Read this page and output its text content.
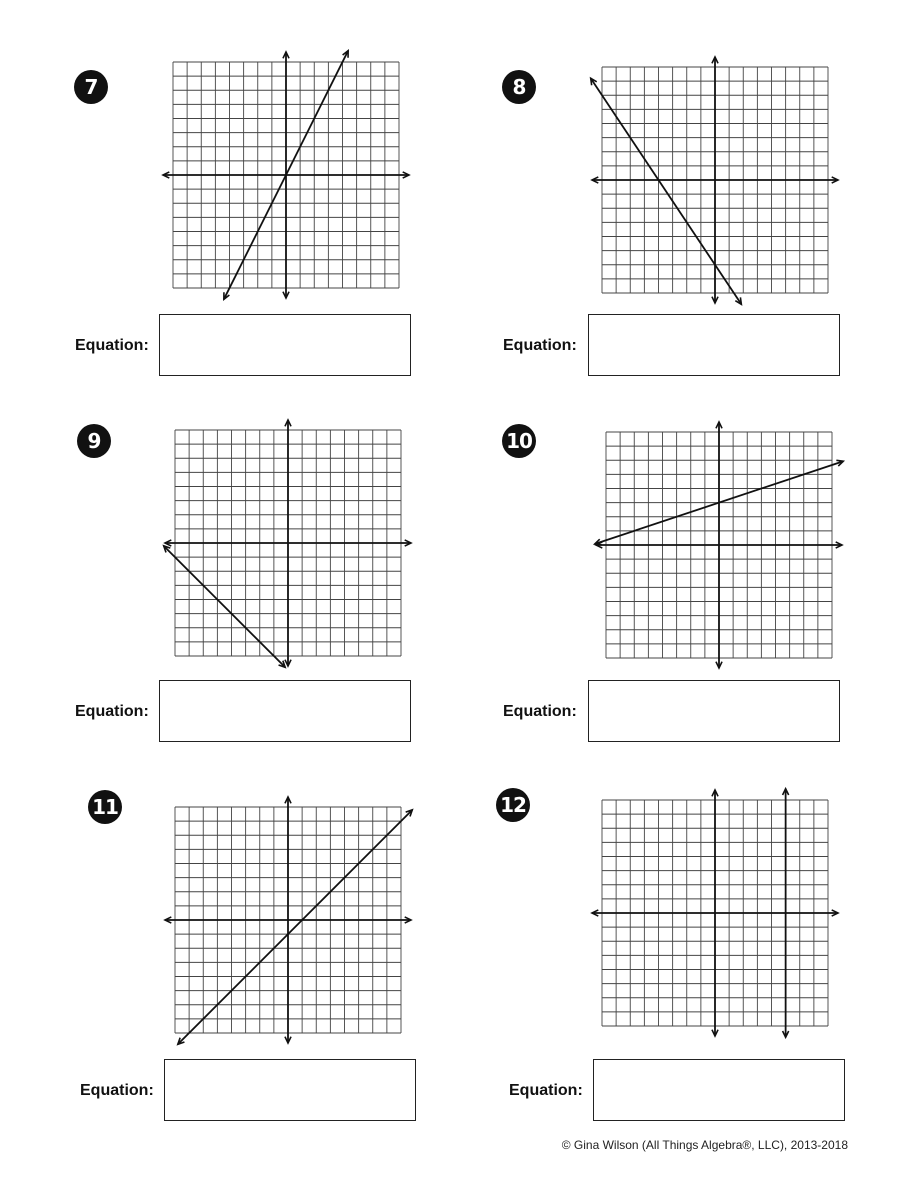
7
Equation:
8
Equation:
9
Equation:
10
Equation:
11
Equation:
12
Equation:
© Gina Wilson (All Things Algebra®, LLC), 2013-2018
